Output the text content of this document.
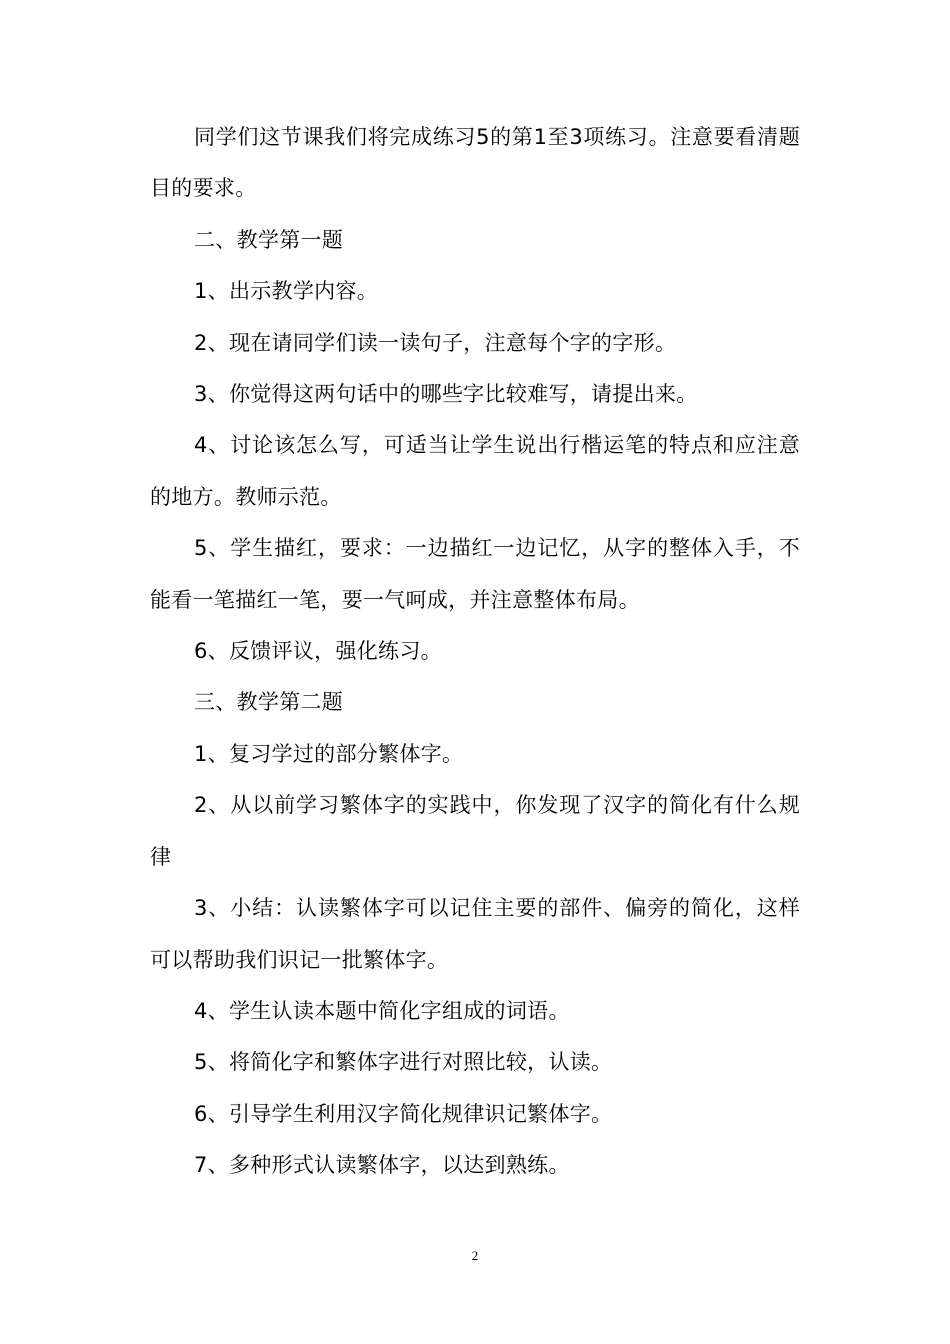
同学们这节课我们将完成练习5的第1至3项练习。注意要看清题目的要求。

二、教学第一题

1、出示教学内容。

2、现在请同学们读一读句子，注意每个字的字形。

3、你觉得这两句话中的哪些字比较难写，请提出来。

4、讨论该怎么写，可适当让学生说出行楷运笔的特点和应注意的地方。教师示范。

5、学生描红，要求：一边描红一边记忆，从字的整体入手，不能看一笔描红一笔，要一气呵成，并注意整体布局。

6、反馈评议，强化练习。

三、教学第二题

1、复习学过的部分繁体字。

2、从以前学习繁体字的实践中，你发现了汉字的简化有什么规律

3、小结：认读繁体字可以记住主要的部件、偏旁的简化，这样可以帮助我们识记一批繁体字。

4、学生认读本题中简化字组成的词语。

5、将简化字和繁体字进行对照比较，认读。

6、引导学生利用汉字简化规律识记繁体字。

7、多种形式认读繁体字，以达到熟练。

2
